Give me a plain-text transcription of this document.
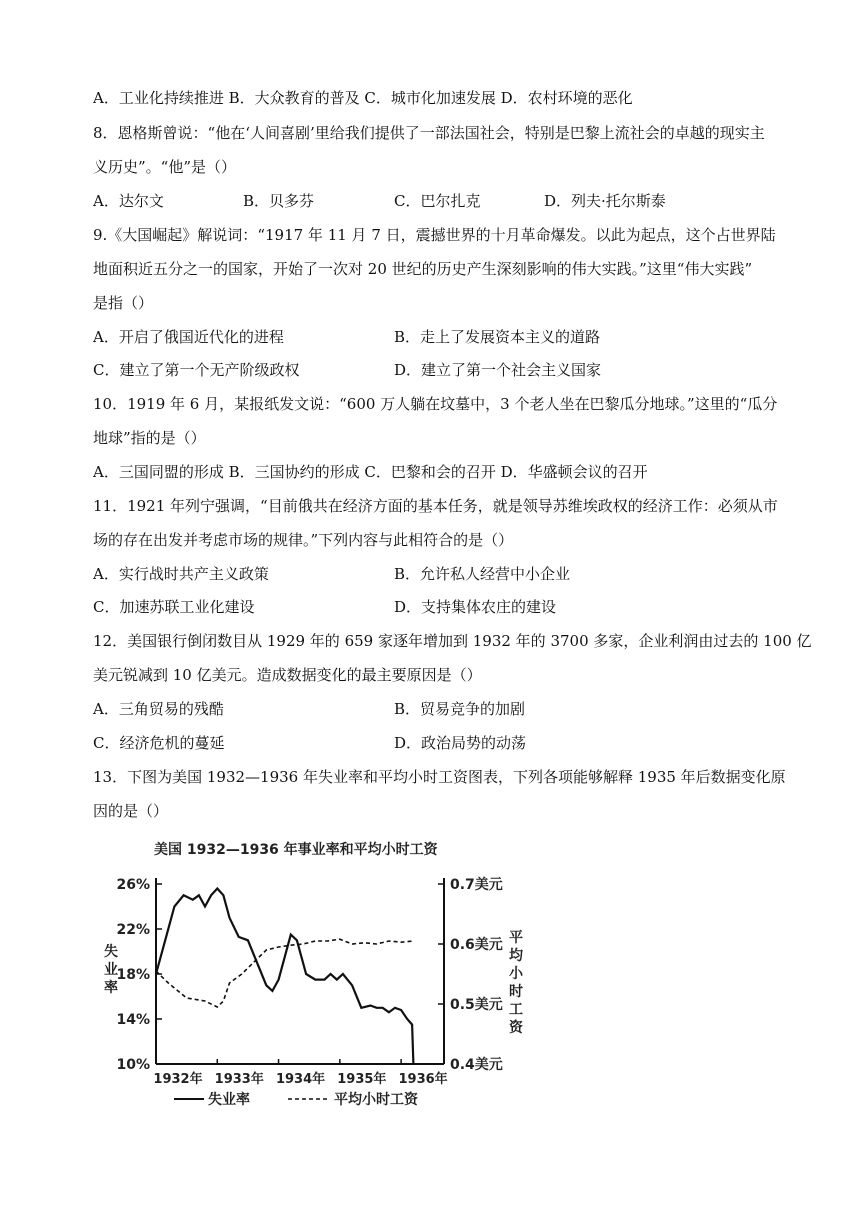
A．工业化持续推进 B．大众教育的普及 C．城市化加速发展 D．农村环境的恶化
8．恩格斯曾说：“他在‘人间喜剧’里给我们提供了一部法国社会，特别是巴黎上流社会的卓越的现实主
义历史”。“他”是（）
A．达尔文	B．贝多芬	C．巴尔扎克	D．列夫·托尔斯泰
9.《大国崛起》解说词：“1917 年 11 月 7 日，震撼世界的十月革命爆发。以此为起点，这个占世界陆
地面积近五分之一的国家，开始了一次对 20 世纪的历史产生深刻影响的伟大实践。”这里“伟大实践”
是指（）
A．开启了俄国近代化的进程	B．走上了发展资本主义的道路
C．建立了第一个无产阶级政权	D．建立了第一个社会主义国家
10．1919 年 6 月，某报纸发文说：“600 万人躺在坟墓中，3 个老人坐在巴黎瓜分地球。”这里的“瓜分
地球”指的是（）
A．三国同盟的形成 B．三国协约的形成 C．巴黎和会的召开 D．华盛顿会议的召开
11．1921 年列宁强调，“目前俄共在经济方面的基本任务，就是领导苏维埃政权的经济工作：必须从市
场的存在出发并考虑市场的规律。”下列内容与此相符合的是（）
A．实行战时共产主义政策	B．允许私人经营中小企业
C．加速苏联工业化建设	D．支持集体农庄的建设
12．美国银行倒闭数目从 1929 年的 659 家逐年增加到 1932 年的 3700 多家，企业利润由过去的 100 亿
美元锐减到 10 亿美元。造成数据变化的最主要原因是（）
A．三角贸易的残酷	B．贸易竞争的加剧
C．经济危机的蔓延	D．政治局势的动荡
13．下图为美国 1932—1936 年失业率和平均小时工资图表，下列各项能够解释 1935 年后数据变化原
因的是（）
美国 1932—1936 年事业率和平均小时工资
26%
22%
18%
14%
10%
0.7美元
0.6美元
0.5美元
0.4美元
1932年 1933年 1934年 1935年 1936年
失
业
率
平
均
小
时
工
资
失业率	平均小时工资
